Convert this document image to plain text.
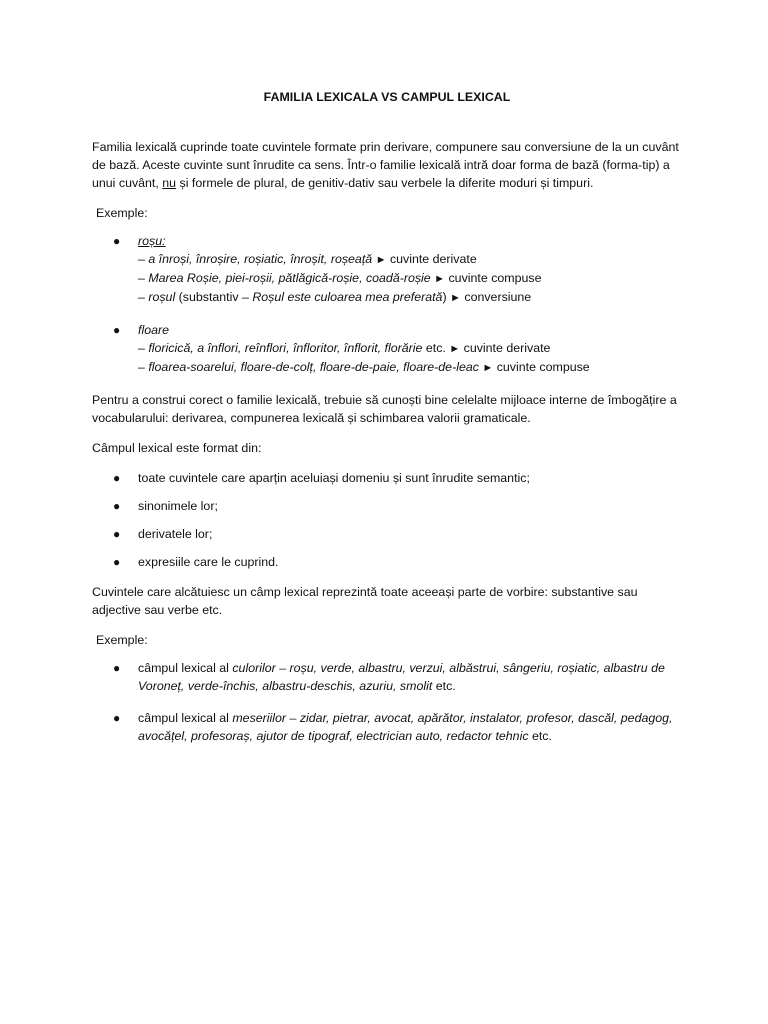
FAMILIA LEXICALA VS CAMPUL LEXICAL

Familia lexicală cuprinde toate cuvintele formate prin derivare, compunere sau conversiune de la un cuvânt de bază. Aceste cuvinte sunt înrudite ca sens. Într-o familie lexicală intră doar forma de bază (forma-tip) a unui cuvânt, nu și formele de plural, de genitiv-dativ sau verbele la diferite moduri și timpuri.

Exemple:
● roșu:
– a înroși, înroșire, roșiatic, înroșit, roșeață ► cuvinte derivate
– Marea Roșie, piei-roșii, pătlăgică-roșie, coadă-roșie ► cuvinte compuse
– roșul (substantiv – Roșul este culoarea mea preferată) ► conversiune
● floare
– floricică, a înflori, reînflori, înfloritor, înflorit, florărie etc. ► cuvinte derivate
– floarea-soarelui, floare-de-colț, floare-de-paie, floare-de-leac ► cuvinte compuse

Pentru a construi corect o familie lexicală, trebuie să cunoști bine celelalte mijloace interne de îmbogățire a vocabularului: derivarea, compunerea lexicală și schimbarea valorii gramaticale.

Câmpul lexical este format din:

● toate cuvintele care aparțin aceluiași domeniu și sunt înrudite semantic;
● sinonimele lor;
● derivatele lor;
● expresiile care le cuprind.

Cuvintele care alcătuiesc un câmp lexical reprezintă toate aceeași parte de vorbire: substantive sau adjective sau verbe etc.

Exemple:
● câmpul lexical al culorilor – roșu, verde, albastru, verzui, albăstrui, sângeriu, roșiatic, albastru de Voroneț, verde-închis, albastru-deschis, azuriu, smolit etc.
● câmpul lexical al meseriilor – zidar, pietrar, avocat, apărător, instalator, profesor, dascăl, pedagog, avocățel, profesoraș, ajutor de tipograf, electrician auto, redactor tehnic etc.
